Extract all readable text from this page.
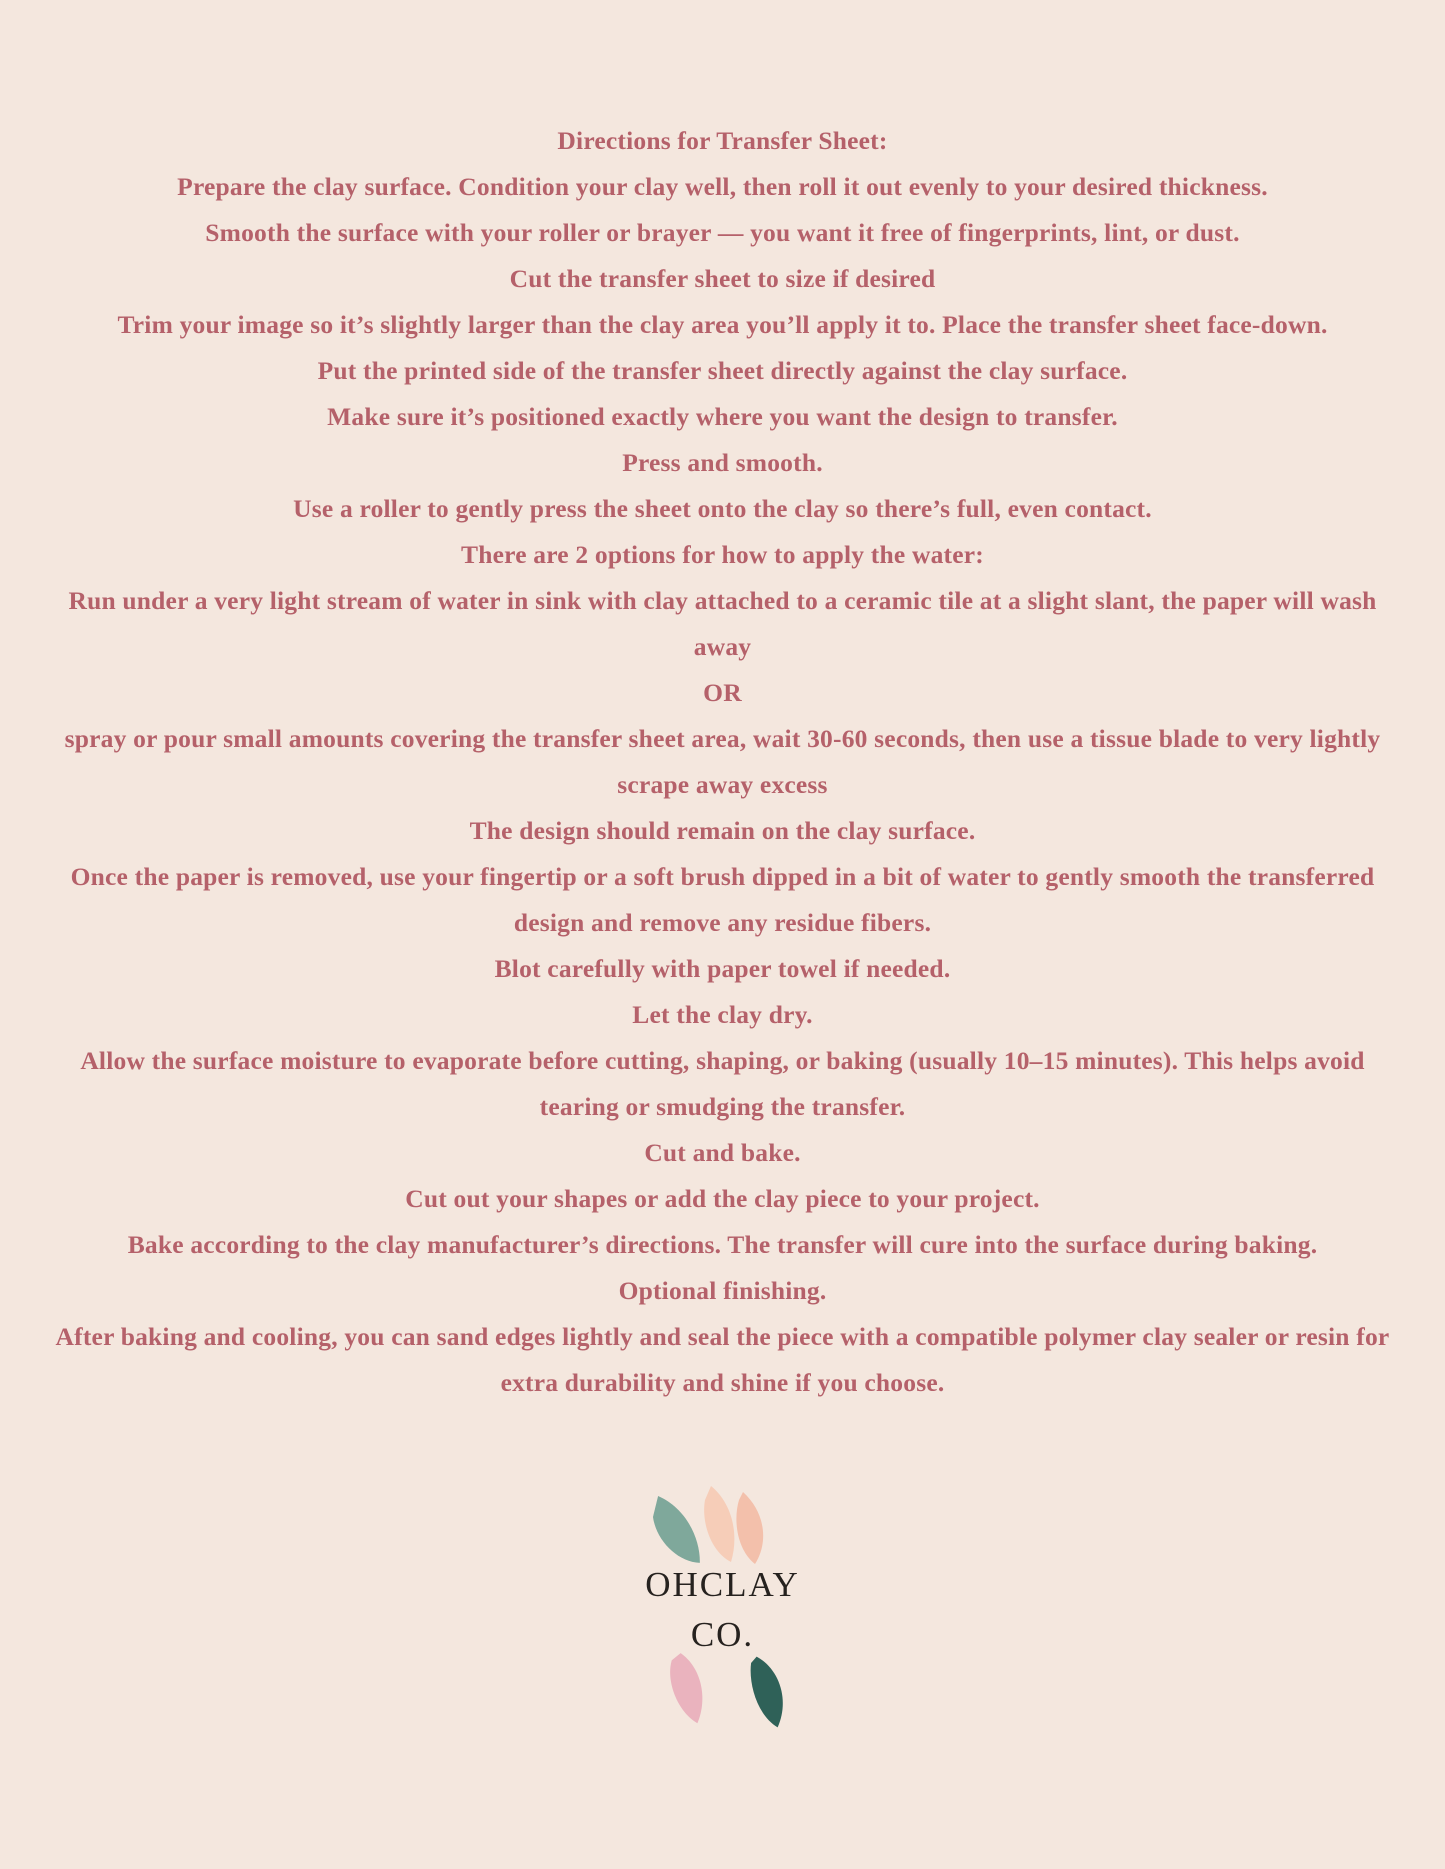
Directions for Transfer Sheet:

Prepare the clay surface. Condition your clay well, then roll it out evenly to your desired thickness.

Smooth the surface with your roller or brayer — you want it free of fingerprints, lint, or dust.

Cut the transfer sheet to size if desired

Trim your image so it’s slightly larger than the clay area you’ll apply it to. Place the transfer sheet face-down.

Put the printed side of the transfer sheet directly against the clay surface.

Make sure it’s positioned exactly where you want the design to transfer.

Press and smooth.

Use a roller to gently press the sheet onto the clay so there’s full, even contact.

There are 2 options for how to apply the water:

Run under a very light stream of water in sink with clay attached to a ceramic tile at a slight slant, the paper will wash away

OR

spray or pour small amounts covering the transfer sheet area, wait 30-60 seconds, then use a tissue blade to very lightly scrape away excess

The design should remain on the clay surface.

Once the paper is removed, use your fingertip or a soft brush dipped in a bit of water to gently smooth the transferred design and remove any residue fibers.

Blot carefully with paper towel if needed.

Let the clay dry.

Allow the surface moisture to evaporate before cutting, shaping, or baking (usually 10–15 minutes). This helps avoid tearing or smudging the transfer.

Cut and bake.

Cut out your shapes or add the clay piece to your project.

Bake according to the clay manufacturer’s directions. The transfer will cure into the surface during baking.

Optional finishing.

After baking and cooling, you can sand edges lightly and seal the piece with a compatible polymer clay sealer or resin for extra durability and shine if you choose.

OHCLAY
CO.
